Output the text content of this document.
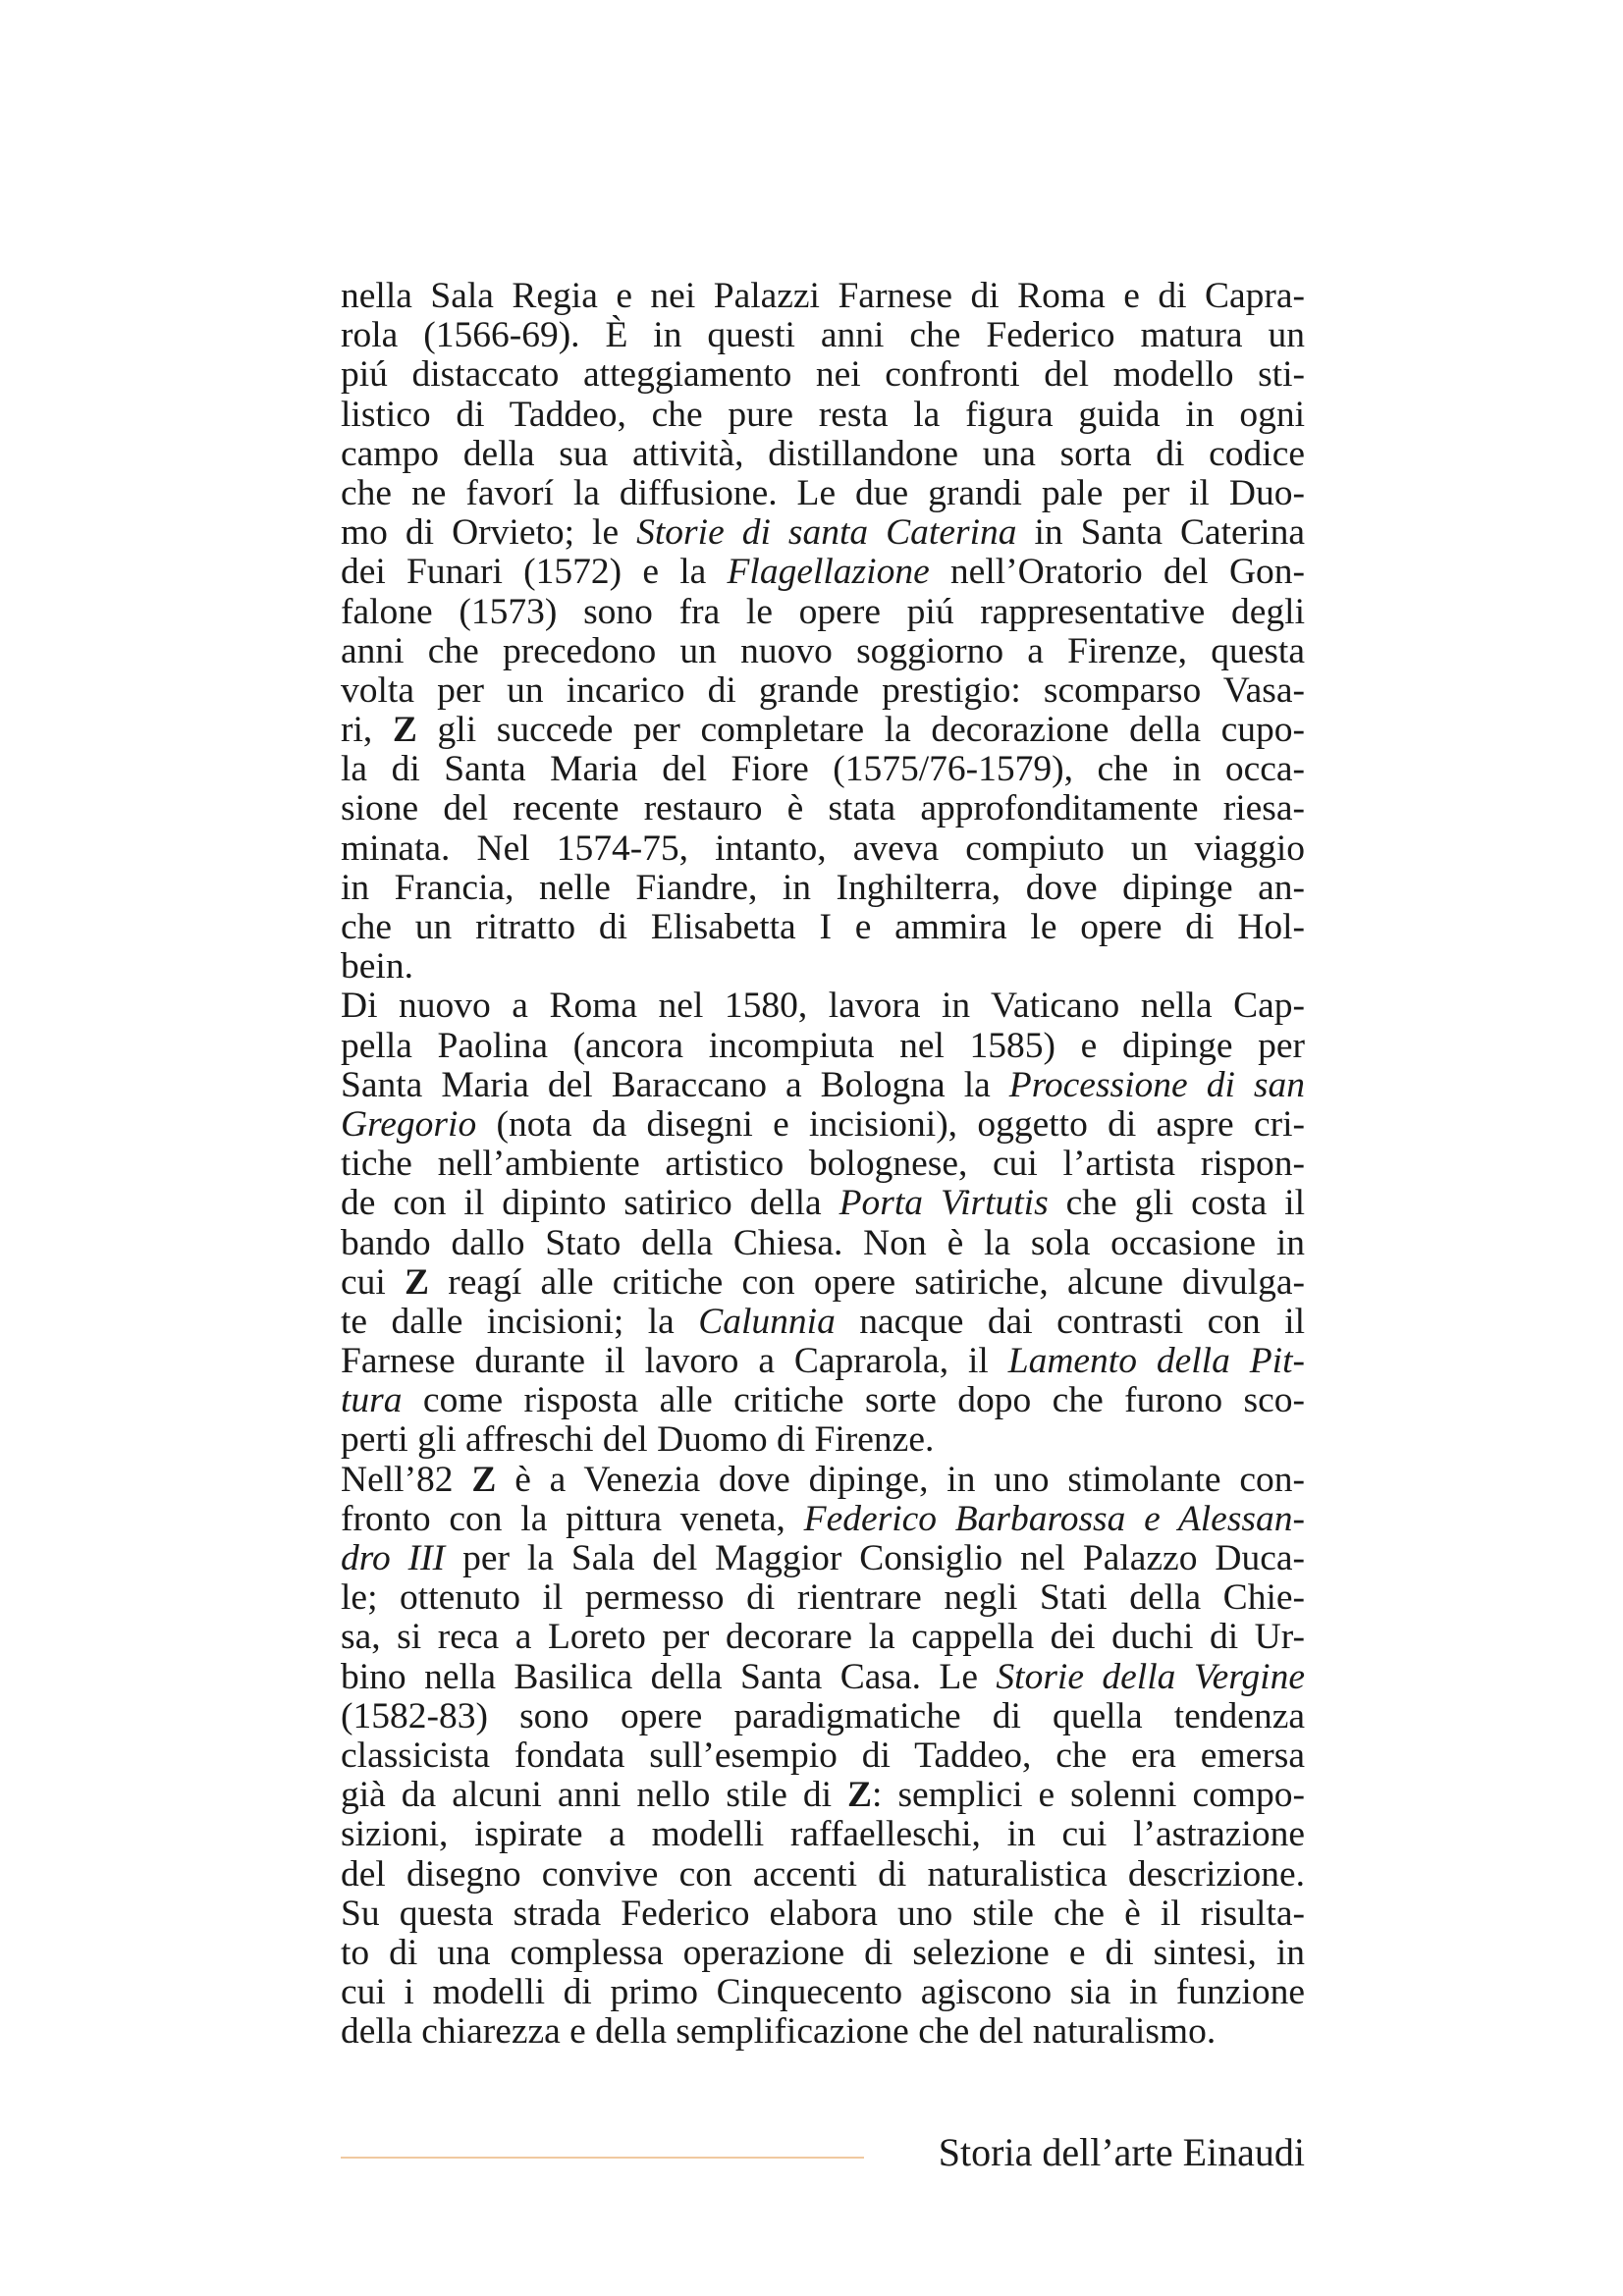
nella Sala Regia e nei Palazzi Farnese di Roma e di Capra-
rola (1566-69). È in questi anni che Federico matura un
piú distaccato atteggiamento nei confronti del modello sti-
listico di Taddeo, che pure resta la figura guida in ogni
campo della sua attività, distillandone una sorta di codice
che ne favorí la diffusione. Le due grandi pale per il Duo-
mo di Orvieto; le Storie di santa Caterina in Santa Caterina
dei Funari (1572) e la Flagellazione nell’Oratorio del Gon-
falone (1573) sono fra le opere piú rappresentative degli
anni che precedono un nuovo soggiorno a Firenze, questa
volta per un incarico di grande prestigio: scomparso Vasa-
ri, Z gli succede per completare la decorazione della cupo-
la di Santa Maria del Fiore (1575/76-1579), che in occa-
sione del recente restauro è stata approfonditamente riesa-
minata. Nel 1574-75, intanto, aveva compiuto un viaggio
in Francia, nelle Fiandre, in Inghilterra, dove dipinge an-
che un ritratto di Elisabetta I e ammira le opere di Hol-
bein.
Di nuovo a Roma nel 1580, lavora in Vaticano nella Cap-
pella Paolina (ancora incompiuta nel 1585) e dipinge per
Santa Maria del Baraccano a Bologna la Processione di san
Gregorio (nota da disegni e incisioni), oggetto di aspre cri-
tiche nell’ambiente artistico bolognese, cui l’artista rispon-
de con il dipinto satirico della Porta Virtutis che gli costa il
bando dallo Stato della Chiesa. Non è la sola occasione in
cui Z reagí alle critiche con opere satiriche, alcune divulga-
te dalle incisioni; la Calunnia nacque dai contrasti con il
Farnese durante il lavoro a Caprarola, il Lamento della Pit-
tura come risposta alle critiche sorte dopo che furono sco-
perti gli affreschi del Duomo di Firenze.
Nell’82 Z è a Venezia dove dipinge, in uno stimolante con-
fronto con la pittura veneta, Federico Barbarossa e Alessan-
dro III per la Sala del Maggior Consiglio nel Palazzo Duca-
le; ottenuto il permesso di rientrare negli Stati della Chie-
sa, si reca a Loreto per decorare la cappella dei duchi di Ur-
bino nella Basilica della Santa Casa. Le Storie della Vergine
(1582-83) sono opere paradigmatiche di quella tendenza
classicista fondata sull’esempio di Taddeo, che era emersa
già da alcuni anni nello stile di Z: semplici e solenni compo-
sizioni, ispirate a modelli raffaelleschi, in cui l’astrazione
del disegno convive con accenti di naturalistica descrizione.
Su questa strada Federico elabora uno stile che è il risulta-
to di una complessa operazione di selezione e di sintesi, in
cui i modelli di primo Cinquecento agiscono sia in funzione
della chiarezza e della semplificazione che del naturalismo.
Storia dell’arte Einaudi
